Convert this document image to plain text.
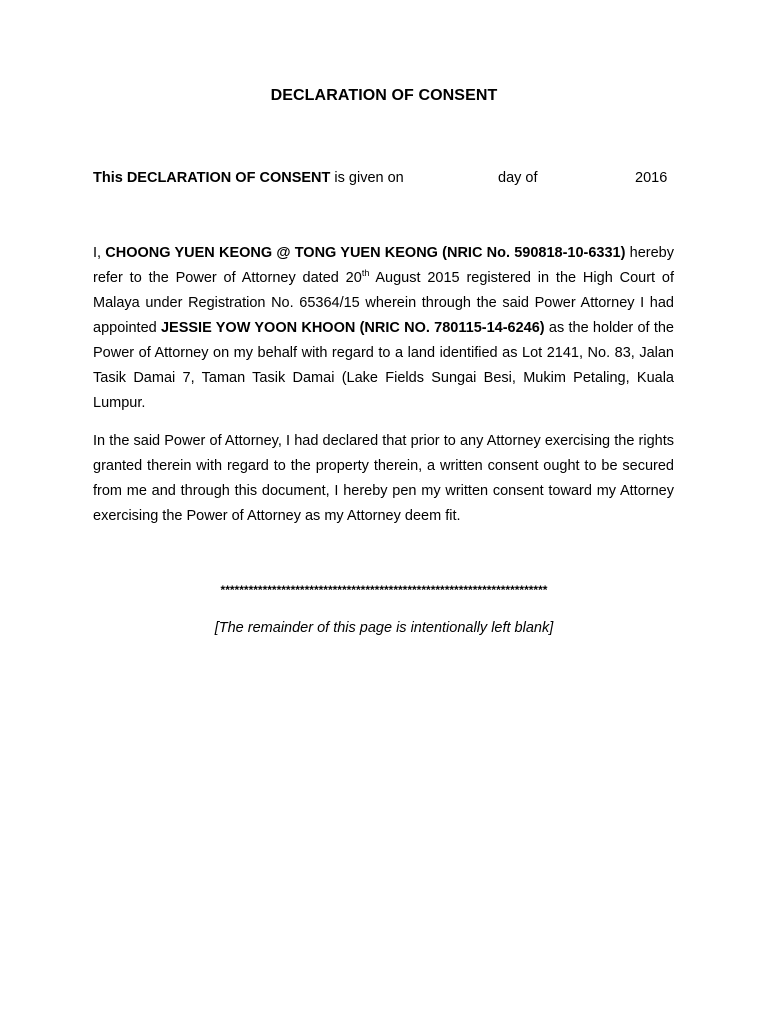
DECLARATION OF CONSENT
This DECLARATION OF CONSENT is given on	day of	2016

I, CHOONG YUEN KEONG @ TONG YUEN KEONG (NRIC No. 590818-10-6331) hereby refer to the Power of Attorney dated 20th August 2015 registered in the High Court of Malaya under Registration No. 65364/15 wherein through the said Power Attorney I had appointed JESSIE YOW YOON KHOON (NRIC NO. 780115-14-6246) as the holder of the Power of Attorney on my behalf with regard to a land identified as Lot 2141, No. 83, Jalan Tasik Damai 7, Taman Tasik Damai (Lake Fields Sungai Besi, Mukim Petaling, Kuala Lumpur.

In the said Power of Attorney, I had declared that prior to any Attorney exercising the rights granted therein with regard to the property therein, a written consent ought to be secured from me and through this document, I hereby pen my written consent toward my Attorney exercising the Power of Attorney as my Attorney deem fit.

**********************************************************************
[The remainder of this page is intentionally left blank]
